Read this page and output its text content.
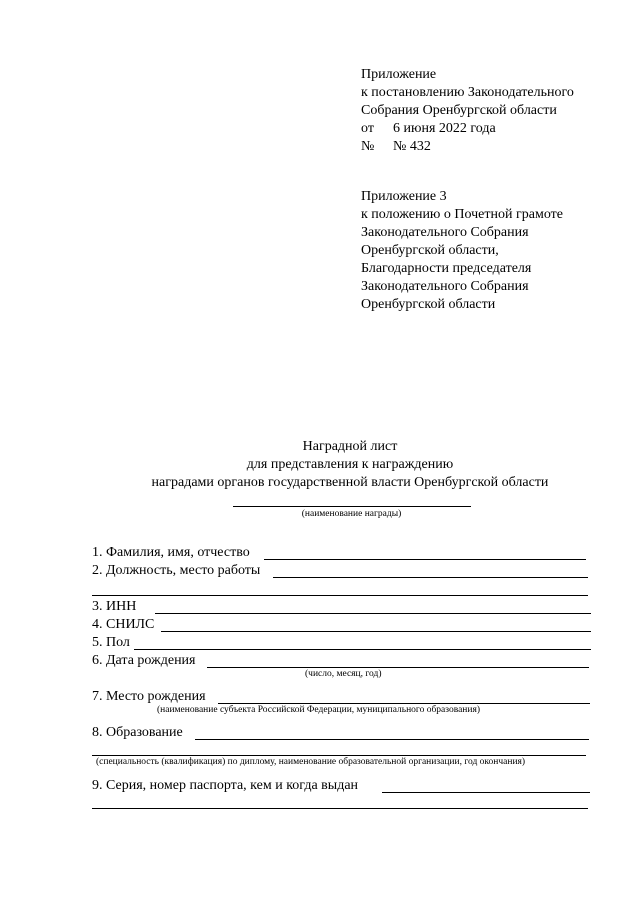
Приложение
к постановлению Законодательного
Собрания Оренбургской области
от 6 июня 2022 года
№ № 432
Приложение 3
к положению о Почетной грамоте
Законодательного Собрания
Оренбургской области,
Благодарности председателя
Законодательного Собрания
Оренбургской области
Наградной лист
для представления к награждению
наградами органов государственной власти Оренбургской области
(наименование награды)
1. Фамилия, имя, отчество
2. Должность, место работы
3. ИНН
4. СНИЛС
5. Пол
6. Дата рождения
(число, месяц, год)
7. Место рождения
(наименование субъекта Российской Федерации, муниципального образования)
8. Образование
(специальность (квалификация) по диплому, наименование образовательной организации, год окончания)
9. Серия, номер паспорта, кем и когда выдан
